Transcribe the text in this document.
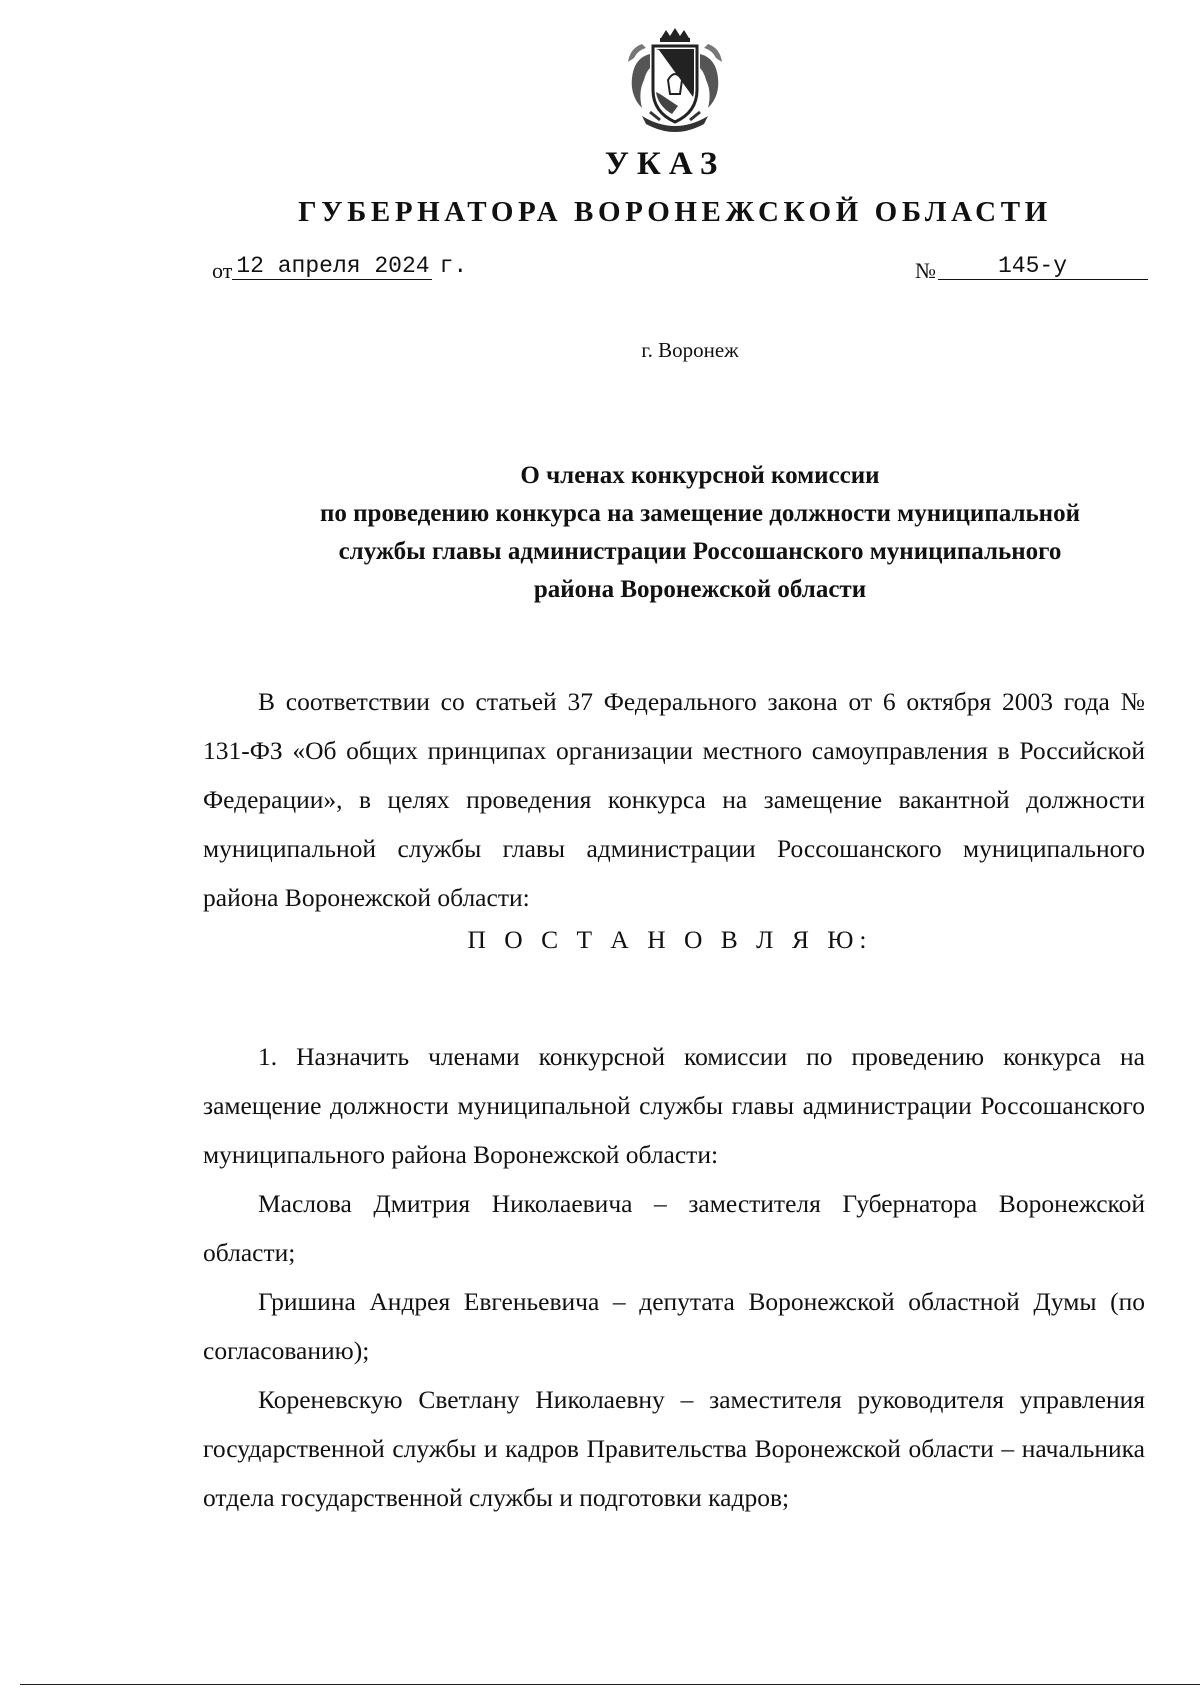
УКАЗ
ГУБЕРНАТОРА ВОРОНЕЖСКОЙ ОБЛАСТИ
от 12 апреля 2024 г.	№	145-у
г. Воронеж
О членах конкурсной комиссии
по проведению конкурса на замещение должности муниципальной
службы главы администрации Россошанского муниципального
района Воронежской области

В соответствии со статьей 37 Федерального закона от 6 октября 2003 года № 131-ФЗ «Об общих принципах организации местного самоуправления в Российской Федерации», в целях проведения конкурса на замещение вакантной должности муниципальной службы главы администрации Россошанского муниципального района Воронежской области:

П О С Т А Н О В Л Я Ю:

1. Назначить членами конкурсной комиссии по проведению конкурса на замещение должности муниципальной службы главы администрации Россошанского муниципального района Воронежской области:

Маслова Дмитрия Николаевича – заместителя Губернатора Воронежской области;

Гришина Андрея Евгеньевича – депутата Воронежской областной Думы (по согласованию);

Кореневскую Светлану Николаевну – заместителя руководителя управления государственной службы и кадров Правительства Воронежской области – начальника отдела государственной службы и подготовки кадров;
